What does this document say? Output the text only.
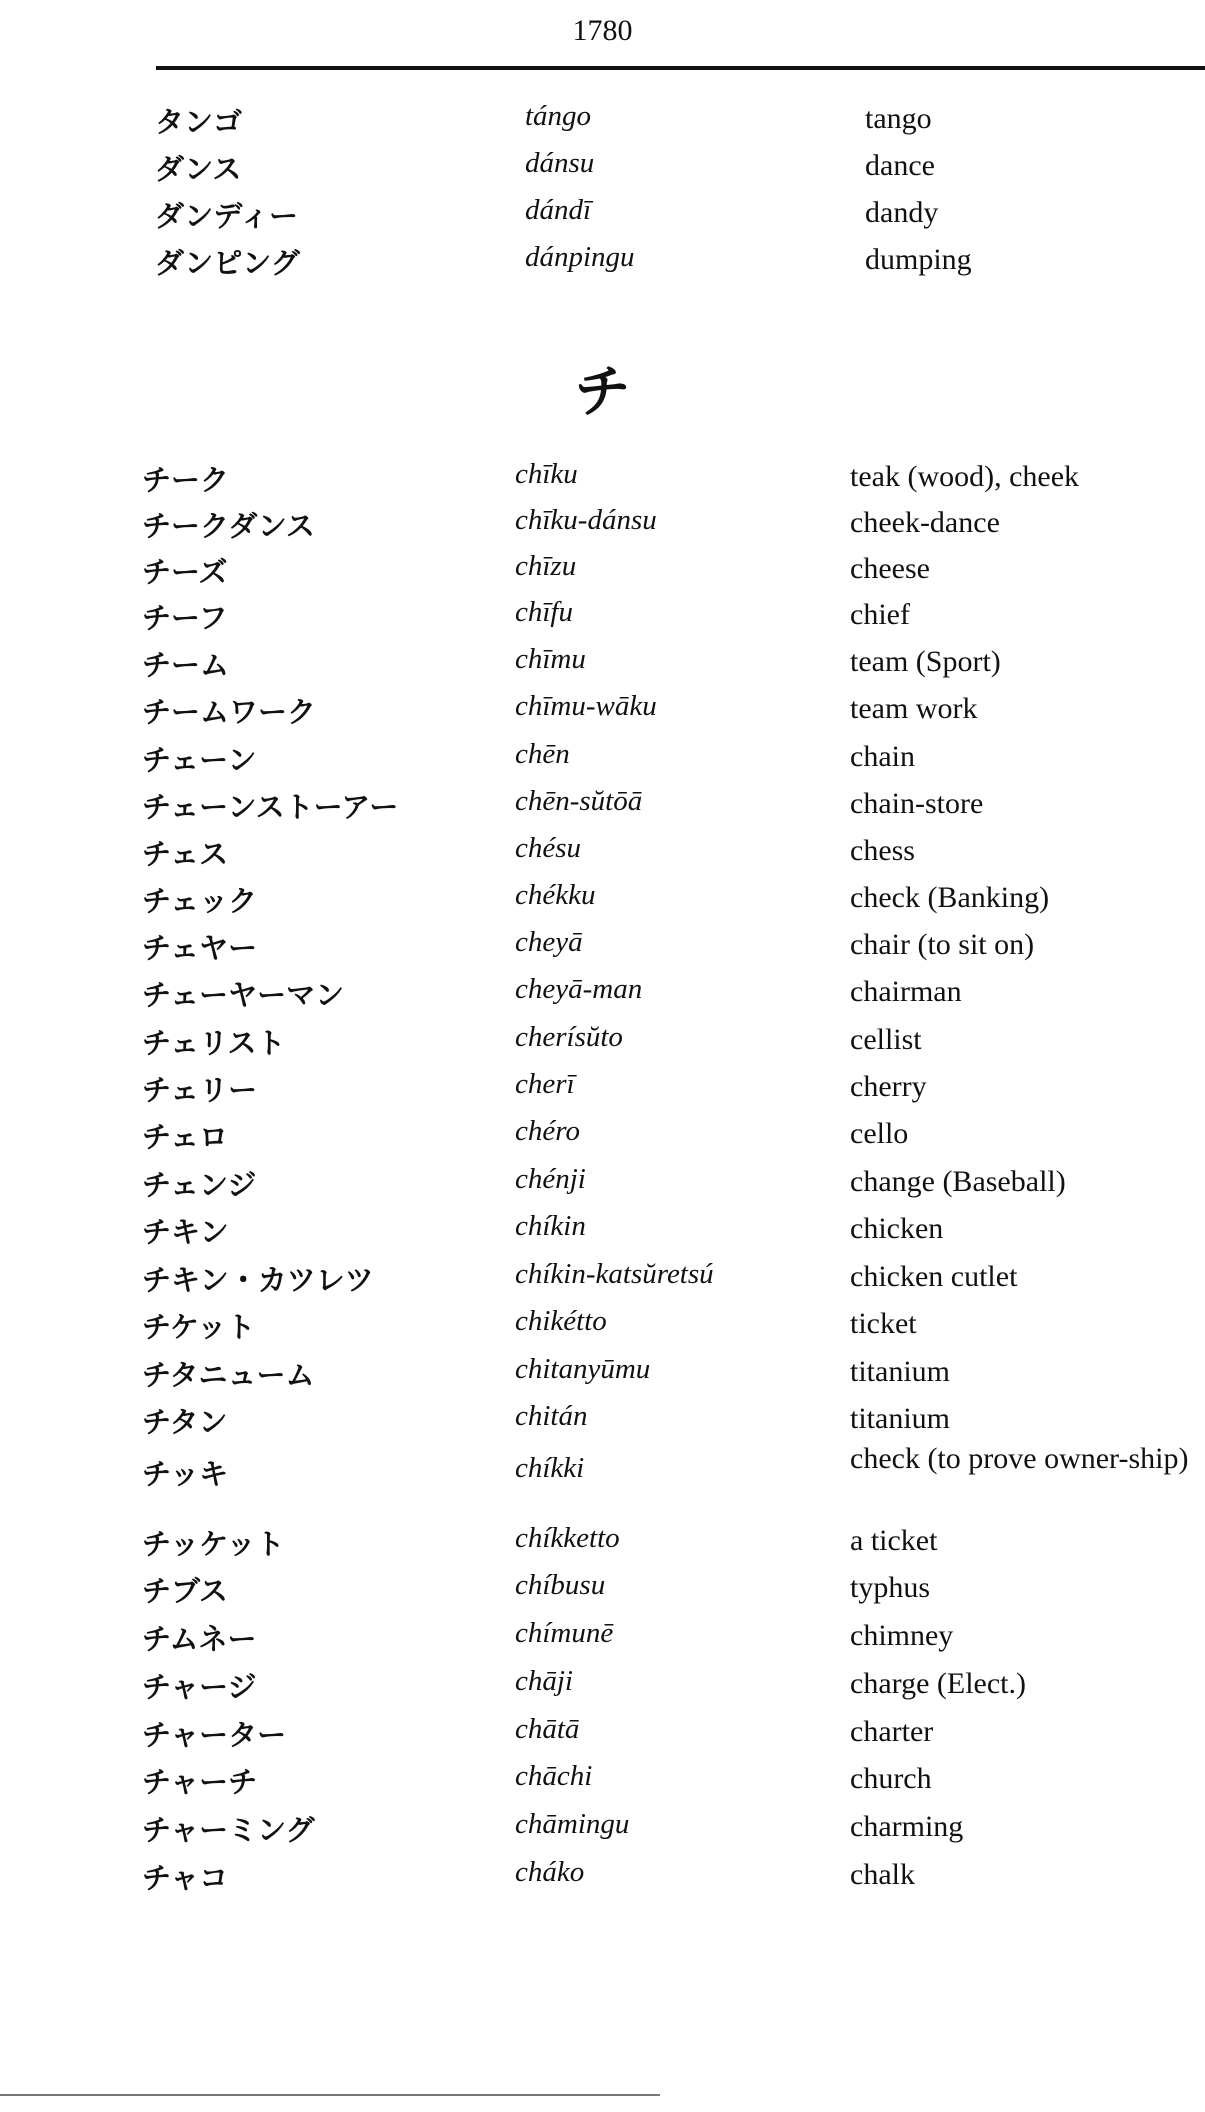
1780
タンゴ	tángo	tango
ダンス	dánsu	dance
ダンディー	dándī	dandy
ダンピング	dánpingu	dumping
チ
チーク	chīku	teak (wood), cheek
チークダンス	chīku-dánsu	cheek-dance
チーズ	chīzu	cheese
チーフ	chīfu	chief
チーム	chīmu	team (Sport)
チームワーク	chīmu-wāku	team work
チェーン	chēn	chain
チェーンストーアー	chēn-sŭtōā	chain-store
チェス	chésu	chess
チェック	chékku	check (Banking)
チェヤー	cheyā	chair (to sit on)
チェーヤーマン	cheyā-man	chairman
チェリスト	cherísŭto	cellist
チェリー	cherī	cherry
チェロ	chéro	cello
チェンジ	chénji	change (Baseball)
チキン	chíkin	chicken
チキン・カツレツ	chíkin-katsŭretsú	chicken cutlet
チケット	chikétto	ticket
チタニューム	chitanyūmu	titanium
チタン	chitán	titanium
チッキ	chíkki	check (to prove owner-ship)
チッケット	chíkketto	a ticket
チブス	chíbusu	typhus
チムネー	chímunē	chimney
チャージ	chāji	charge (Elect.)
チャーター	chātā	charter
チャーチ	chāchi	church
チャーミング	chāmingu	charming
チャコ	cháko	chalk
